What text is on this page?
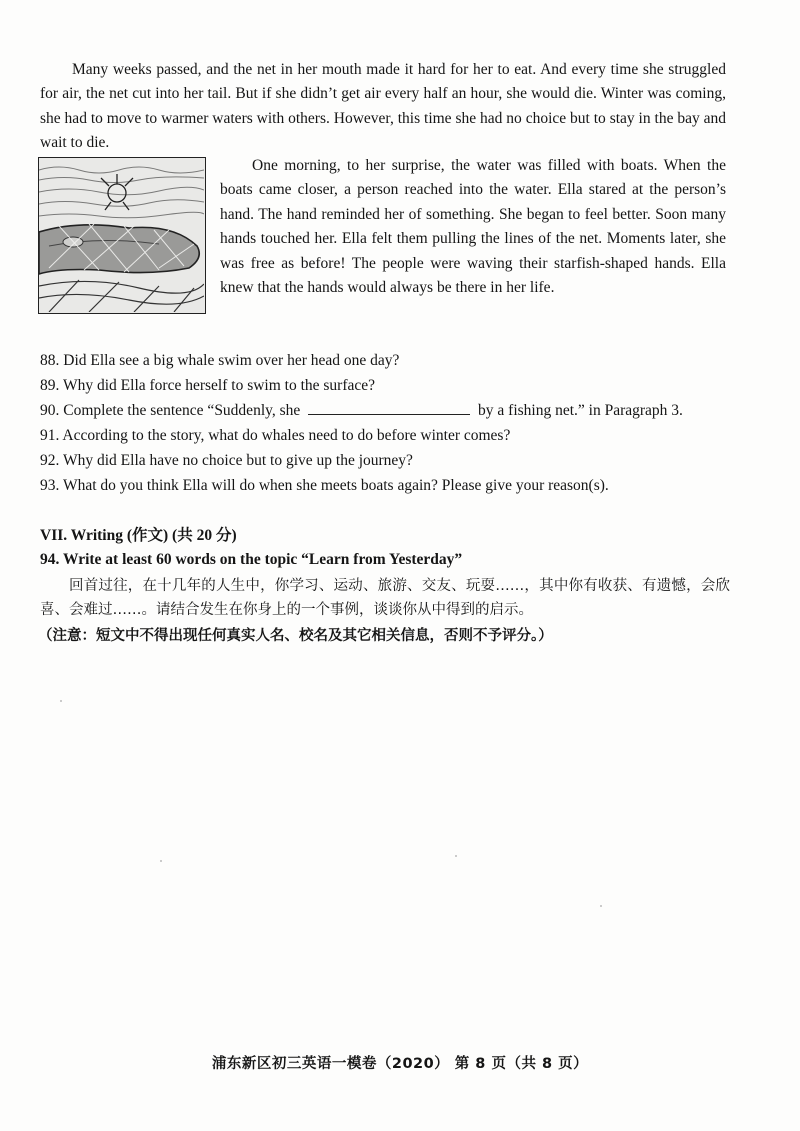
Many weeks passed, and the net in her mouth made it hard for her to eat. And every time she struggled for air, the net cut into her tail. But if she didn’t get air every half an hour, she would die. Winter was coming, she had to move to warmer waters with others. However, this time she had no choice but to stay in the bay and wait to die.

One morning, to her surprise, the water was filled with boats. When the boats came closer, a person reached into the water. Ella stared at the person’s hand. The hand reminded her of something. She began to feel better. Soon many hands touched her. Ella felt them pulling the lines of the net. Moments later, she was free as before! The people were waving their starfish-shaped hands. Ella knew that the hands would always be there in her life.

88. Did Ella see a big whale swim over her head one day?
89. Why did Ella force herself to swim to the surface?
90. Complete the sentence “Suddenly, she	by a fishing net.” in Paragraph 3.
91. According to the story, what do whales need to do before winter comes?
92. Why did Ella have no choice but to give up the journey?
93. What do you think Ella will do when she meets boats again? Please give your reason(s).

VII. Writing (作文) (共 20 分)

94. Write at least 60 words on the topic “Learn from Yesterday”

回首过往，在十几年的人生中，你学习、运动、旅游、交友、玩耍……，其中你有收获、有遗憾，会欣喜、会难过……。请结合发生在你身上的一个事例，谈谈你从中得到的启示。

（注意：短文中不得出现任何真实人名、校名及其它相关信息，否则不予评分。）

浦东新区初三英语一模卷（2020） 第 8 页（共 8 页）
